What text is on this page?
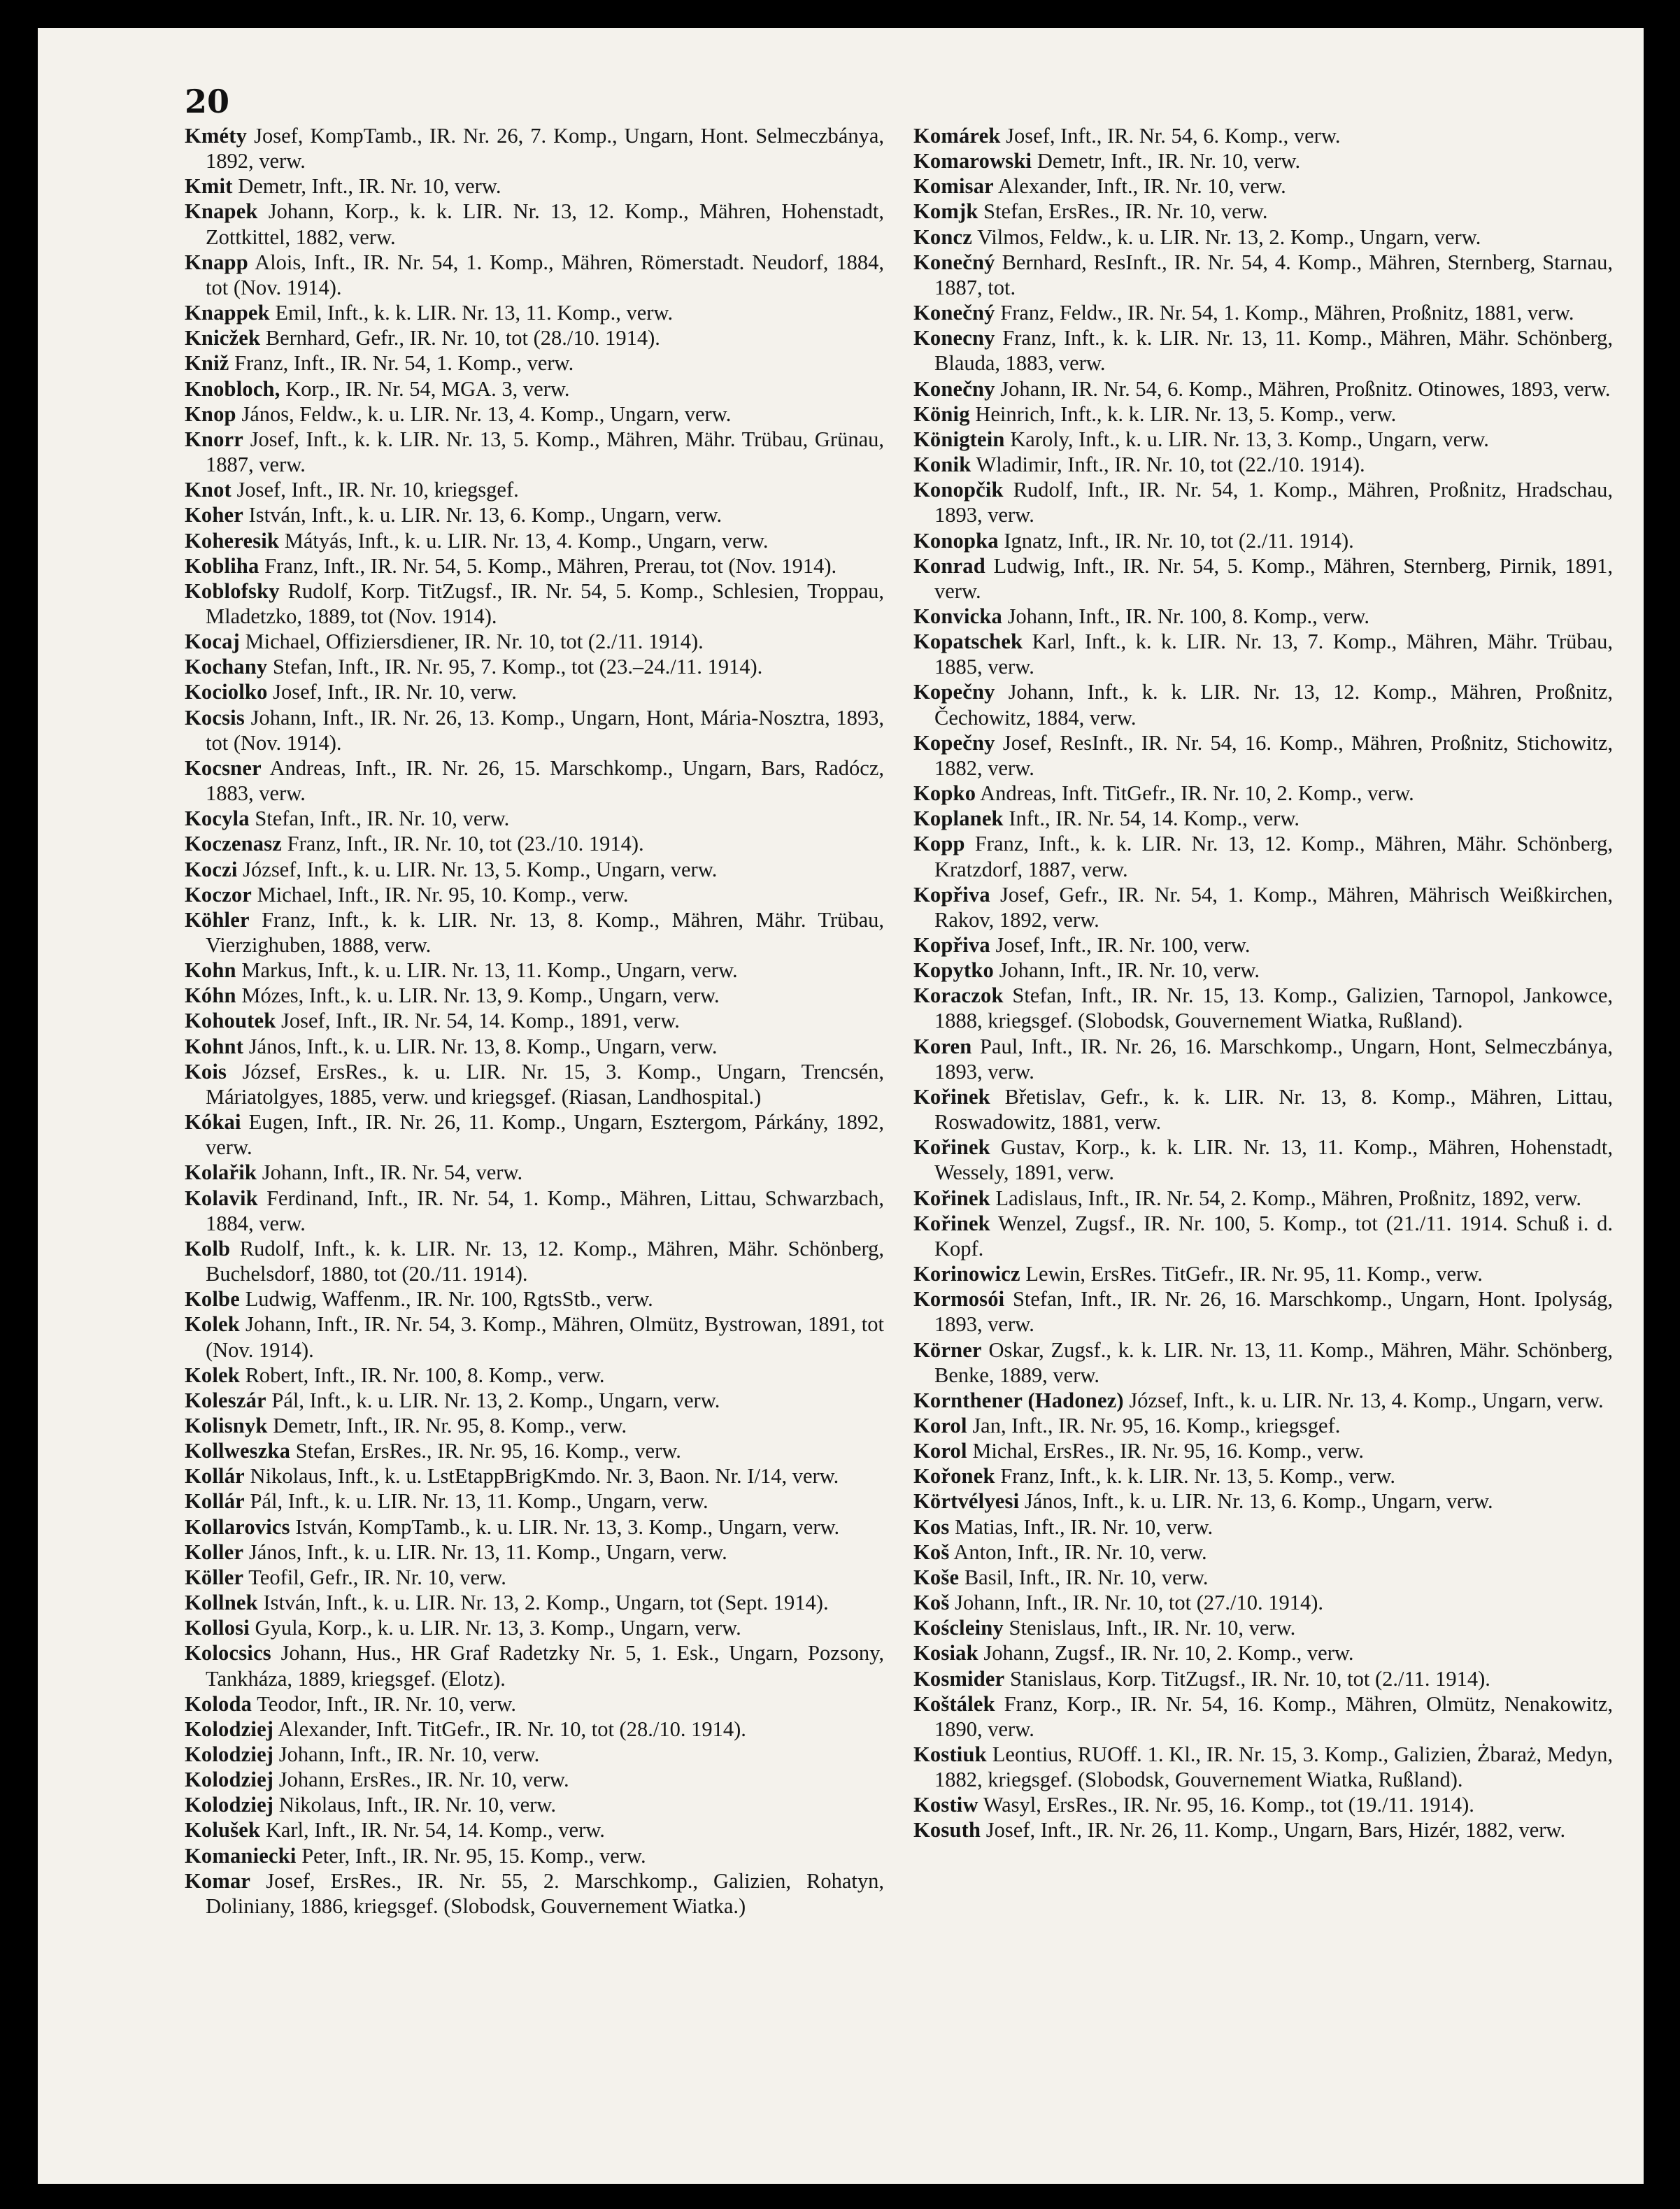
20

Kméty Josef, KompTamb., IR. Nr. 26, 7. Komp., Ungarn, Hont. Selmeczbánya, 1892, verw.

Kmit Demetr, Inft., IR. Nr. 10, verw.

Knapek Johann, Korp., k. k. LIR. Nr. 13, 12. Komp., Mähren, Hohenstadt, Zottkittel, 1882, verw.

Knapp Alois, Inft., IR. Nr. 54, 1. Komp., Mähren, Römerstadt. Neudorf, 1884, tot (Nov. 1914).

Knappek Emil, Inft., k. k. LIR. Nr. 13, 11. Komp., verw.

Knicžek Bernhard, Gefr., IR. Nr. 10, tot (28./10. 1914).

Kniž Franz, Inft., IR. Nr. 54, 1. Komp., verw.

Knobloch, Korp., IR. Nr. 54, MGA. 3, verw.

Knop János, Feldw., k. u. LIR. Nr. 13, 4. Komp., Ungarn, verw.

Knorr Josef, Inft., k. k. LIR. Nr. 13, 5. Komp., Mähren, Mähr. Trübau, Grünau, 1887, verw.

Knot Josef, Inft., IR. Nr. 10, kriegsgef.

Koher István, Inft., k. u. LIR. Nr. 13, 6. Komp., Ungarn, verw.

Koheresik Mátyás, Inft., k. u. LIR. Nr. 13, 4. Komp., Ungarn, verw.

Kobliha Franz, Inft., IR. Nr. 54, 5. Komp., Mähren, Prerau, tot (Nov. 1914).

Koblofsky Rudolf, Korp. TitZugsf., IR. Nr. 54, 5. Komp., Schlesien, Troppau, Mladetzko, 1889, tot (Nov. 1914).

Kocaj Michael, Offiziersdiener, IR. Nr. 10, tot (2./11. 1914).

Kochany Stefan, Inft., IR. Nr. 95, 7. Komp., tot (23.–24./11. 1914).

Kociolko Josef, Inft., IR. Nr. 10, verw.

Kocsis Johann, Inft., IR. Nr. 26, 13. Komp., Ungarn, Hont, Mária-Nosztra, 1893, tot (Nov. 1914).

Kocsner Andreas, Inft., IR. Nr. 26, 15. Marschkomp., Ungarn, Bars, Radócz, 1883, verw.

Kocyla Stefan, Inft., IR. Nr. 10, verw.

Koczenasz Franz, Inft., IR. Nr. 10, tot (23./10. 1914).

Koczi József, Inft., k. u. LIR. Nr. 13, 5. Komp., Ungarn, verw.

Koczor Michael, Inft., IR. Nr. 95, 10. Komp., verw.

Köhler Franz, Inft., k. k. LIR. Nr. 13, 8. Komp., Mähren, Mähr. Trübau, Vierzighuben, 1888, verw.

Kohn Markus, Inft., k. u. LIR. Nr. 13, 11. Komp., Ungarn, verw.

Kóhn Mózes, Inft., k. u. LIR. Nr. 13, 9. Komp., Ungarn, verw.

Kohoutek Josef, Inft., IR. Nr. 54, 14. Komp., 1891, verw.

Kohnt János, Inft., k. u. LIR. Nr. 13, 8. Komp., Ungarn, verw.

Kois József, ErsRes., k. u. LIR. Nr. 15, 3. Komp., Ungarn, Trencsén, Máriatolgyes, 1885, verw. und kriegsgef. (Riasan, Landhospital.)

Kókai Eugen, Inft., IR. Nr. 26, 11. Komp., Ungarn, Esztergom, Párkány, 1892, verw.

Kolařik Johann, Inft., IR. Nr. 54, verw.

Kolavik Ferdinand, Inft., IR. Nr. 54, 1. Komp., Mähren, Littau, Schwarzbach, 1884, verw.

Kolb Rudolf, Inft., k. k. LIR. Nr. 13, 12. Komp., Mähren, Mähr. Schönberg, Buchelsdorf, 1880, tot (20./11. 1914).

Kolbe Ludwig, Waffenm., IR. Nr. 100, RgtsStb., verw.

Kolek Johann, Inft., IR. Nr. 54, 3. Komp., Mähren, Olmütz, Bystrowan, 1891, tot (Nov. 1914).

Kolek Robert, Inft., IR. Nr. 100, 8. Komp., verw.

Koleszár Pál, Inft., k. u. LIR. Nr. 13, 2. Komp., Ungarn, verw.

Kolisnyk Demetr, Inft., IR. Nr. 95, 8. Komp., verw.

Kollweszka Stefan, ErsRes., IR. Nr. 95, 16. Komp., verw.

Kollár Nikolaus, Inft., k. u. LstEtappBrigKmdo. Nr. 3, Baon. Nr. I/14, verw.

Kollár Pál, Inft., k. u. LIR. Nr. 13, 11. Komp., Ungarn, verw.

Kollarovics István, KompTamb., k. u. LIR. Nr. 13, 3. Komp., Ungarn, verw.

Koller János, Inft., k. u. LIR. Nr. 13, 11. Komp., Ungarn, verw.

Köller Teofil, Gefr., IR. Nr. 10, verw.

Kollnek István, Inft., k. u. LIR. Nr. 13, 2. Komp., Ungarn, tot (Sept. 1914).

Kollosi Gyula, Korp., k. u. LIR. Nr. 13, 3. Komp., Ungarn, verw.

Kolocsics Johann, Hus., HR Graf Radetzky Nr. 5, 1. Esk., Ungarn, Pozsony, Tankháza, 1889, kriegsgef. (Elotz).

Koloda Teodor, Inft., IR. Nr. 10, verw.

Kolodziej Alexander, Inft. TitGefr., IR. Nr. 10, tot (28./10. 1914).

Kolodziej Johann, Inft., IR. Nr. 10, verw.

Kolodziej Johann, ErsRes., IR. Nr. 10, verw.

Kolodziej Nikolaus, Inft., IR. Nr. 10, verw.

Kolušek Karl, Inft., IR. Nr. 54, 14. Komp., verw.

Komaniecki Peter, Inft., IR. Nr. 95, 15. Komp., verw.

Komar Josef, ErsRes., IR. Nr. 55, 2. Marschkomp., Galizien, Rohatyn, Doliniany, 1886, kriegsgef. (Slobodsk, Gouvernement Wiatka.)

Komárek Josef, Inft., IR. Nr. 54, 6. Komp., verw.

Komarowski Demetr, Inft., IR. Nr. 10, verw.

Komisar Alexander, Inft., IR. Nr. 10, verw.

Komjk Stefan, ErsRes., IR. Nr. 10, verw.

Koncz Vilmos, Feldw., k. u. LIR. Nr. 13, 2. Komp., Ungarn, verw.

Konečný Bernhard, ResInft., IR. Nr. 54, 4. Komp., Mähren, Sternberg, Starnau, 1887, tot.

Konečný Franz, Feldw., IR. Nr. 54, 1. Komp., Mähren, Proßnitz, 1881, verw.

Konecny Franz, Inft., k. k. LIR. Nr. 13, 11. Komp., Mähren, Mähr. Schönberg, Blauda, 1883, verw.

Konečny Johann, IR. Nr. 54, 6. Komp., Mähren, Proßnitz. Otinowes, 1893, verw.

König Heinrich, Inft., k. k. LIR. Nr. 13, 5. Komp., verw.

Königtein Karoly, Inft., k. u. LIR. Nr. 13, 3. Komp., Ungarn, verw.

Konik Wladimir, Inft., IR. Nr. 10, tot (22./10. 1914).

Konopčik Rudolf, Inft., IR. Nr. 54, 1. Komp., Mähren, Proßnitz, Hradschau, 1893, verw.

Konopka Ignatz, Inft., IR. Nr. 10, tot (2./11. 1914).

Konrad Ludwig, Inft., IR. Nr. 54, 5. Komp., Mähren, Sternberg, Pirnik, 1891, verw.

Konvicka Johann, Inft., IR. Nr. 100, 8. Komp., verw.

Kopatschek Karl, Inft., k. k. LIR. Nr. 13, 7. Komp., Mähren, Mähr. Trübau, 1885, verw.

Kopečny Johann, Inft., k. k. LIR. Nr. 13, 12. Komp., Mähren, Proßnitz, Čechowitz, 1884, verw.

Kopečny Josef, ResInft., IR. Nr. 54, 16. Komp., Mähren, Proßnitz, Stichowitz, 1882, verw.

Kopko Andreas, Inft. TitGefr., IR. Nr. 10, 2. Komp., verw.

Koplanek Inft., IR. Nr. 54, 14. Komp., verw.

Kopp Franz, Inft., k. k. LIR. Nr. 13, 12. Komp., Mähren, Mähr. Schönberg, Kratzdorf, 1887, verw.

Kopřiva Josef, Gefr., IR. Nr. 54, 1. Komp., Mähren, Mährisch Weißkirchen, Rakov, 1892, verw.

Kopřiva Josef, Inft., IR. Nr. 100, verw.

Kopytko Johann, Inft., IR. Nr. 10, verw.

Koraczok Stefan, Inft., IR. Nr. 15, 13. Komp., Galizien, Tarnopol, Jankowce, 1888, kriegsgef. (Slobodsk, Gouvernement Wiatka, Rußland).

Koren Paul, Inft., IR. Nr. 26, 16. Marschkomp., Ungarn, Hont, Selmeczbánya, 1893, verw.

Kořinek Břetislav, Gefr., k. k. LIR. Nr. 13, 8. Komp., Mähren, Littau, Roswadowitz, 1881, verw.

Kořinek Gustav, Korp., k. k. LIR. Nr. 13, 11. Komp., Mähren, Hohenstadt, Wessely, 1891, verw.

Kořinek Ladislaus, Inft., IR. Nr. 54, 2. Komp., Mähren, Proßnitz, 1892, verw.

Kořinek Wenzel, Zugsf., IR. Nr. 100, 5. Komp., tot (21./11. 1914. Schuß i. d. Kopf.

Korinowicz Lewin, ErsRes. TitGefr., IR. Nr. 95, 11. Komp., verw.

Kormosói Stefan, Inft., IR. Nr. 26, 16. Marschkomp., Ungarn, Hont. Ipolyság, 1893, verw.

Körner Oskar, Zugsf., k. k. LIR. Nr. 13, 11. Komp., Mähren, Mähr. Schönberg, Benke, 1889, verw.

Kornthener (Hadonez) József, Inft., k. u. LIR. Nr. 13, 4. Komp., Ungarn, verw.

Korol Jan, Inft., IR. Nr. 95, 16. Komp., kriegsgef.

Korol Michal, ErsRes., IR. Nr. 95, 16. Komp., verw.

Kořonek Franz, Inft., k. k. LIR. Nr. 13, 5. Komp., verw.

Körtvélyesi János, Inft., k. u. LIR. Nr. 13, 6. Komp., Ungarn, verw.

Kos Matias, Inft., IR. Nr. 10, verw.

Koš Anton, Inft., IR. Nr. 10, verw.

Koše Basil, Inft., IR. Nr. 10, verw.

Koš Johann, Inft., IR. Nr. 10, tot (27./10. 1914).

Koścleiny Stenislaus, Inft., IR. Nr. 10, verw.

Kosiak Johann, Zugsf., IR. Nr. 10, 2. Komp., verw.

Kosmider Stanislaus, Korp. TitZugsf., IR. Nr. 10, tot (2./11. 1914).

Koštálek Franz, Korp., IR. Nr. 54, 16. Komp., Mähren, Olmütz, Nenakowitz, 1890, verw.

Kostiuk Leontius, RUOff. 1. Kl., IR. Nr. 15, 3. Komp., Galizien, Żbaraż, Medyn, 1882, kriegsgef. (Slobodsk, Gouvernement Wiatka, Rußland).

Kostiw Wasyl, ErsRes., IR. Nr. 95, 16. Komp., tot (19./11. 1914).

Kosuth Josef, Inft., IR. Nr. 26, 11. Komp., Ungarn, Bars, Hizér, 1882, verw.
